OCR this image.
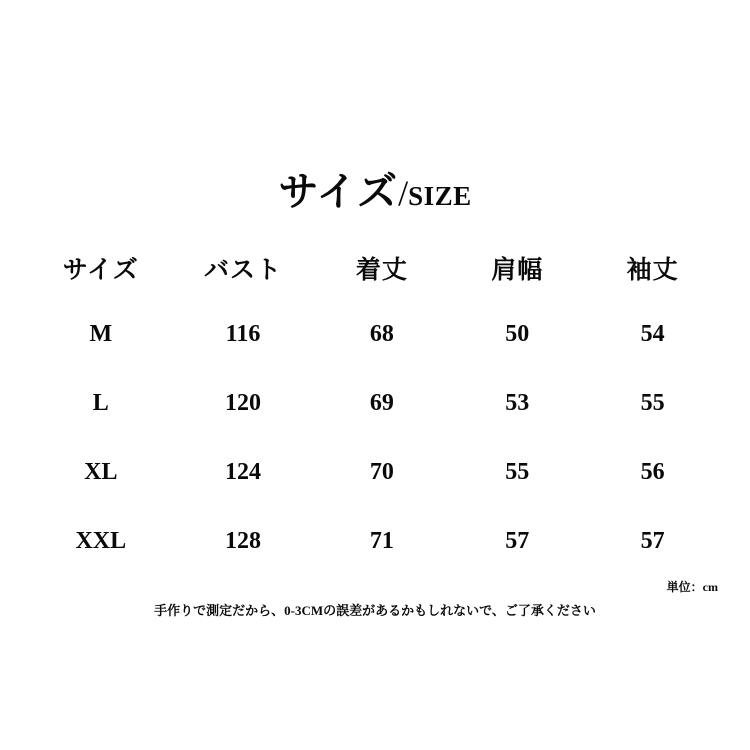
サイズ/SIZE
サイズ	バスト	着丈	肩幅	袖丈
M	116	68	50	54
L	120	69	53	55
XL	124	70	55	56
XXL	128	71	57	57
単位：cm
手作りで測定だから、0-3CMの誤差があるかもしれないで、ご了承ください
